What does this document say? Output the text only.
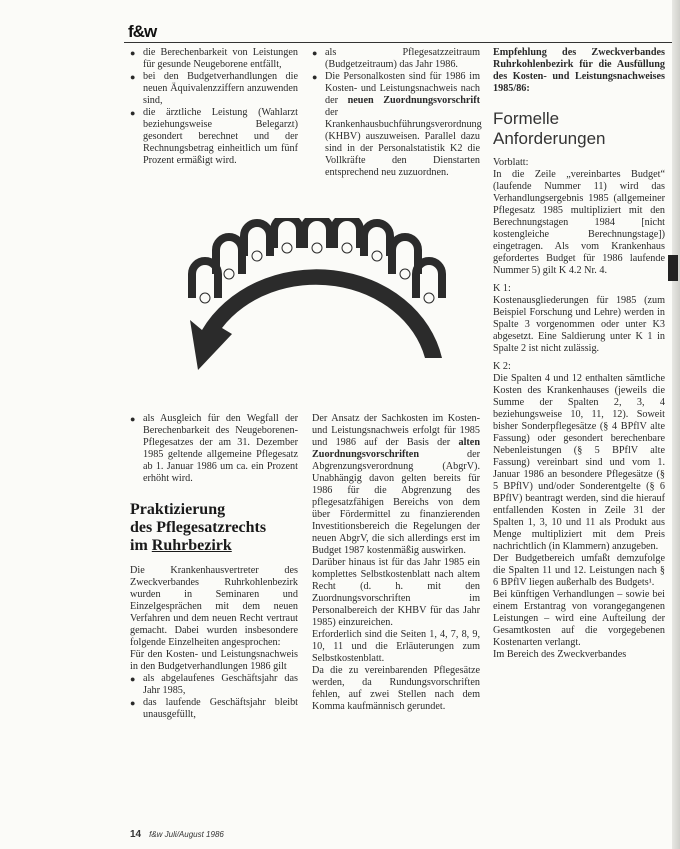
f&w

● die Berechenbarkeit von Leistungen für gesunde Neugeborene entfällt,

● bei den Budgetverhandlungen die neuen Äquivalenzziffern anzuwenden sind,

● die ärztliche Leistung (Wahlarzt beziehungsweise Belegarzt) gesondert berechnet und der Rechnungsbetrag einheitlich um fünf Prozent ermäßigt wird.

● als Pflegesatzzeitraum (Budgetzeitraum) das Jahr 1986.

● Die Personalkosten sind für 1986 im Kosten- und Leistungsnachweis nach der neuen Zuordnungsvorschrift der Krankenhausbuchführungsverordnung (KHBV) auszuweisen. Parallel dazu sind in der Personalstatistik K2 die Vollkräfte den Dienstarten entsprechend neu zuzuordnen.

● als Ausgleich für den Wegfall der Berechenbarkeit des Neugeborenen-Pflegesatzes der am 31. Dezember 1985 geltende allgemeine Pflegesatz ab 1. Januar 1986 um ca. ein Prozent erhöht wird.

Praktizierung
des Pflegesatzrechts
im Ruhrbezirk

Die Krankenhausvertreter des Zweckverbandes Ruhrkohlenbezirk wurden in Seminaren und Einzelgesprächen mit dem neuen Verfahren und dem neuen Recht vertraut gemacht. Dabei wurden insbesondere folgende Einzelheiten angesprochen:

Für den Kosten- und Leistungsnachweis in den Budgetverhandlungen 1986 gilt

● als abgelaufenes Geschäftsjahr das Jahr 1985,

● das laufende Geschäftsjahr bleibt unausgefüllt,

Der Ansatz der Sachkosten im Kosten- und Leistungsnachweis erfolgt für 1985 und 1986 auf der Basis der alten Zuordnungsvorschriften der Abgrenzungsverordnung (AbgrV). Unabhängig davon gelten bereits für 1986 für die Abgrenzung des pflegesatzfähigen Bereichs von dem über Fördermittel zu finanzierenden Investitionsbereich die Regelungen der neuen AbgrV, die sich allerdings erst im Budget 1987 kostenmäßig auswirken.

Darüber hinaus ist für das Jahr 1985 ein komplettes Selbstkostenblatt nach altem Recht (d. h. mit den Zuordnungsvorschriften im Personalbereich der KHBV für das Jahr 1985) einzureichen.

Erforderlich sind die Seiten 1, 4, 7, 8, 9, 10, 11 und die Erläuterungen zum Selbstkostenblatt.

Da die zu vereinbarenden Pflegesätze werden, da Rundungsvorschriften fehlen, auf zwei Stellen nach dem Komma kaufmännisch gerundet.

Empfehlung des Zweckverbandes Ruhrkohlenbezirk für die Ausfüllung des Kosten- und Leistungsnachweises 1985/86:

Formelle Anforderungen

Vorblatt:

In die Zeile „vereinbartes Budget“ (laufende Nummer 11) wird das Verhandlungsergebnis 1985 (allgemeiner Pflegesatz 1985 multipliziert mit den Berechnungstagen 1984 [nicht kostengleiche Berechnungstage]) eingetragen. Als vom Krankenhaus gefordertes Budget für 1986 laufende Nummer 5) gilt K 4.2 Nr. 4.

K 1:

Kostenausgliederungen für 1985 (zum Beispiel Forschung und Lehre) werden in Spalte 3 vorgenommen oder unter K3 abgesetzt. Eine Saldierung unter K 1 in Spalte 2 ist nicht zulässig.

K 2:

Die Spalten 4 und 12 enthalten sämtliche Kosten des Krankenhauses (jeweils die Summe der Spalten 2, 3, 4 beziehungsweise 10, 11, 12). Soweit bisher Sonderpflegesätze (§ 4 BPflV alte Fassung) oder gesondert berechenbare Nebenleistungen (§ 5 BPflV alte Fassung) vereinbart sind und vom 1. Januar 1986 an besondere Pflegesätze (§ 5 BPflV) und/oder Sonderentgelte (§ 6 BPflV) beantragt werden, sind die hierauf entfallenden Kosten in Zeile 31 der Spalten 1, 3, 10 und 11 als Produkt aus Menge multipliziert mit dem Preis nachrichtlich (in Klammern) anzugeben.

Der Budgetbereich umfaßt demzufolge die Spalten 11 und 12. Leistungen nach § 6 BPflV liegen außerhalb des Budgets¹.

Bei künftigen Verhandlungen – sowie bei einem Erstantrag von vorangegangenen Leistungen – wird eine Aufteilung der Gesamtkosten auf die vorgegebenen Kostenarten verlangt.

Im Bereich des Zweckverbandes

14 f&w Juli/August 1986
